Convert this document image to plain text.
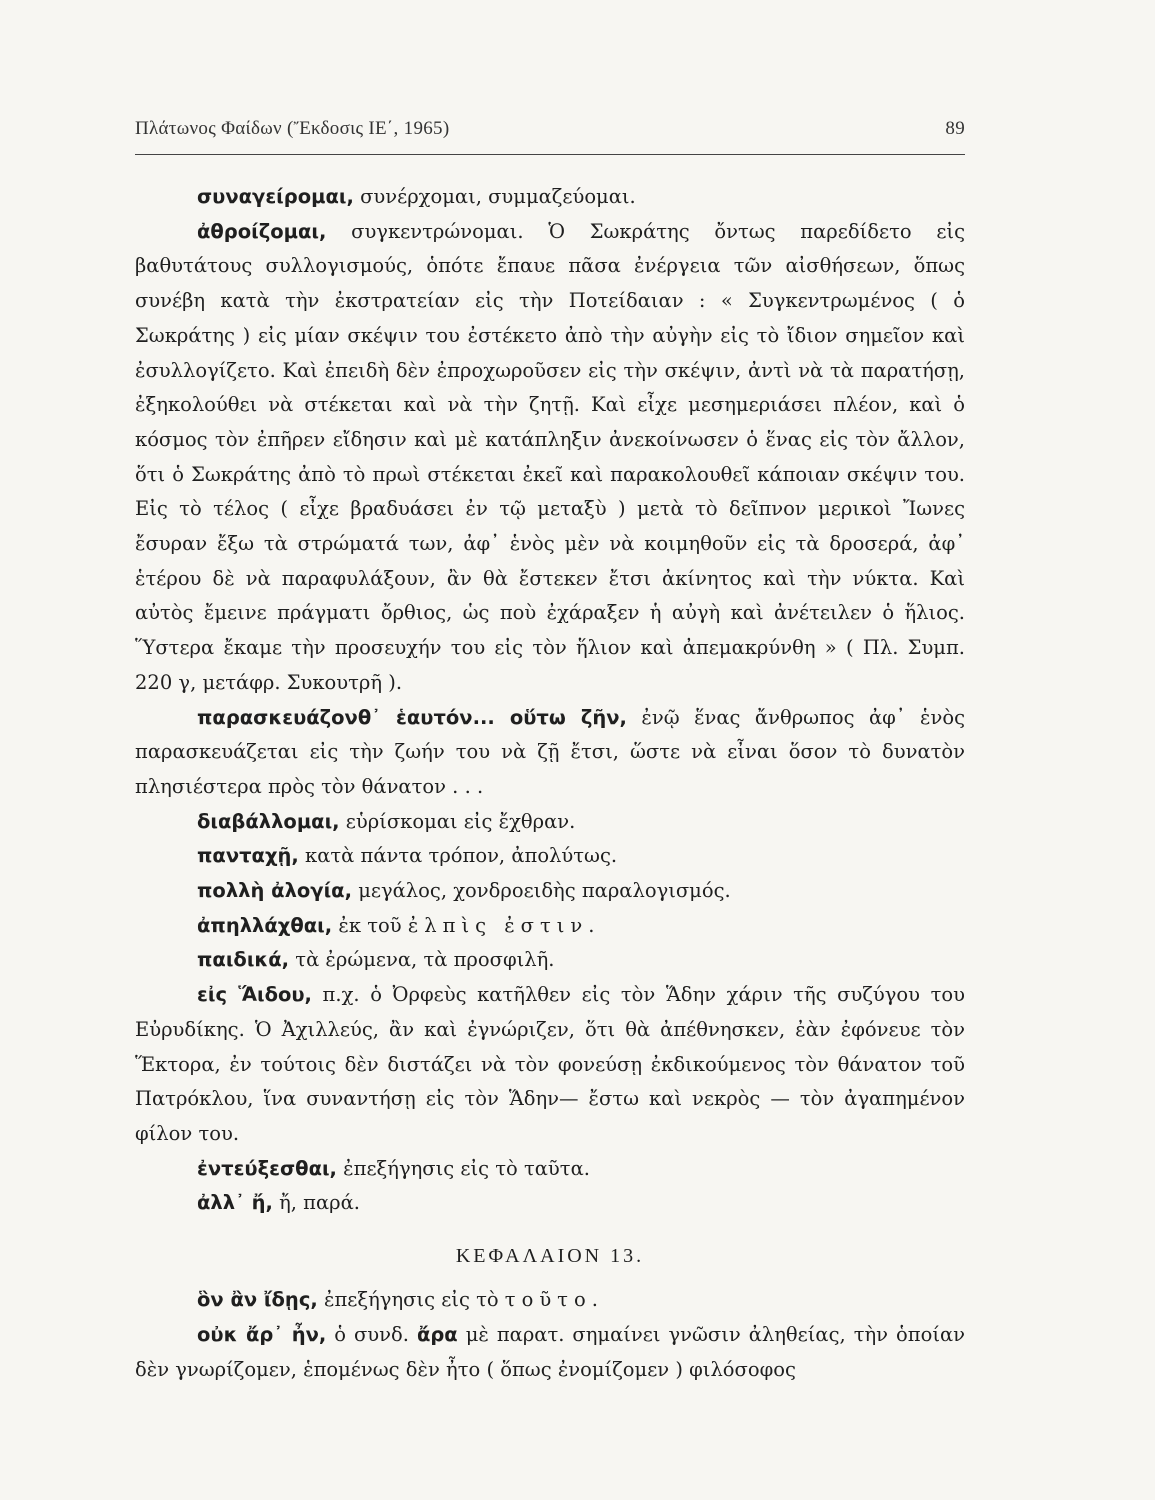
Πλάτωνος Φαίδων (Ἔκδοσις ΙΕ΄, 1965)	89

συναγείρομαι, συνέρχομαι, συμμαζεύομαι.

ἀθροίζομαι, συγκεντρώνομαι. Ὁ Σωκράτης ὄντως παρεδίδετο εἰς βαθυτάτους συλλογισμούς, ὁπότε ἔπαυε πᾶσα ἐνέργεια τῶν αἰσθήσεων, ὅπως συνέβη κατὰ τὴν ἐκστρατείαν εἰς τὴν Ποτείδαιαν : « Συγκεντρωμένος ( ὁ Σωκράτης ) εἰς μίαν σκέψιν του ἐστέκετο ἀπὸ τὴν αὐγὴν εἰς τὸ ἴδιον σημεῖον καὶ ἐσυλλογίζετο. Καὶ ἐπειδὴ δὲν ἐπροχωροῦσεν εἰς τὴν σκέψιν, ἀντὶ νὰ τὰ παρατήσῃ, ἐξηκολούθει νὰ στέκεται καὶ νὰ τὴν ζητῇ. Καὶ εἶχε μεσημεριάσει πλέον, καὶ ὁ κόσμος τὸν ἐπῆρεν εἴδησιν καὶ μὲ κατάπληξιν ἀνεκοίνωσεν ὁ ἕνας εἰς τὸν ἄλλον, ὅτι ὁ Σωκράτης ἀπὸ τὸ πρωὶ στέκεται ἐκεῖ καὶ παρακολουθεῖ κάποιαν σκέψιν του. Εἰς τὸ τέλος ( εἶχε βραδυάσει ἐν τῷ μεταξὺ ) μετὰ τὸ δεῖπνον μερικοὶ Ἴωνες ἔσυραν ἔξω τὰ στρώματά των, ἀφ᾽ ἑνὸς μὲν νὰ κοιμηθοῦν εἰς τὰ δροσερά, ἀφ᾽ ἑτέρου δὲ νὰ παραφυλάξουν, ἂν θὰ ἔστεκεν ἔτσι ἀκίνητος καὶ τὴν νύκτα. Καὶ αὐτὸς ἔμεινε πράγματι ὄρθιος, ὡς ποὺ ἐχάραξεν ἡ αὐγὴ καὶ ἀνέτειλεν ὁ ἥλιος. Ὕστερα ἔκαμε τὴν προσευχήν του εἰς τὸν ἥλιον καὶ ἀπεμακρύνθη » ( Πλ. Συμπ. 220 γ, μετάφρ. Συκουτρῆ ).

παρασκευάζονθ᾽ ἑαυτόν... οὕτω ζῆν, ἐνῷ ἕνας ἄνθρωπος ἀφ᾽ ἑνὸς παρασκευάζεται εἰς τὴν ζωήν του νὰ ζῇ ἔτσι, ὥστε νὰ εἶναι ὅσον τὸ δυνατὸν πλησιέστερα πρὸς τὸν θάνατον . . .

διαβάλλομαι, εὑρίσκομαι εἰς ἔχθραν.

πανταχῇ, κατὰ πάντα τρόπον, ἀπολύτως.

πολλὴ ἀλογία, μεγάλος, χονδροειδὴς παραλογισμός.

ἀπηλλάχθαι, ἐκ τοῦ ἐλπὶς ἐστιν.

παιδικά, τὰ ἐρώμενα, τὰ προσφιλῆ.

εἰς Ἅιδου, π.χ. ὁ Ὀρφεὺς κατῆλθεν εἰς τὸν Ἅδην χάριν τῆς συζύγου του Εὐρυδίκης. Ὁ Ἀχιλλεύς, ἂν καὶ ἐγνώριζεν, ὅτι θὰ ἀπέθνησκεν, ἐὰν ἐφόνευε τὸν Ἕκτορα, ἐν τούτοις δὲν διστάζει νὰ τὸν φονεύσῃ ἐκδικούμενος τὸν θάνατον τοῦ Πατρόκλου, ἵνα συναντήσῃ εἰς τὸν Ἅδην— ἔστω καὶ νεκρὸς — τὸν ἀγαπημένον φίλον του.

ἐντεύξεσθαι, ἐπεξήγησις εἰς τὸ ταῦτα.

ἀλλ᾽ ἤ, ἤ, παρά.

ΚΕΦΑΛΑΙΟΝ 13.

ὃν ἂν ἴδῃς, ἐπεξήγησις εἰς τὸ τοῦτο.

οὐκ ἄρ᾽ ἦν, ὁ συνδ. ἄρα μὲ παρατ. σημαίνει γνῶσιν ἀληθείας, τὴν ὁποίαν δὲν γνωρίζομεν, ἑπομένως δὲν ἦτο ( ὅπως ἐνομίζομεν ) φιλόσοφος
